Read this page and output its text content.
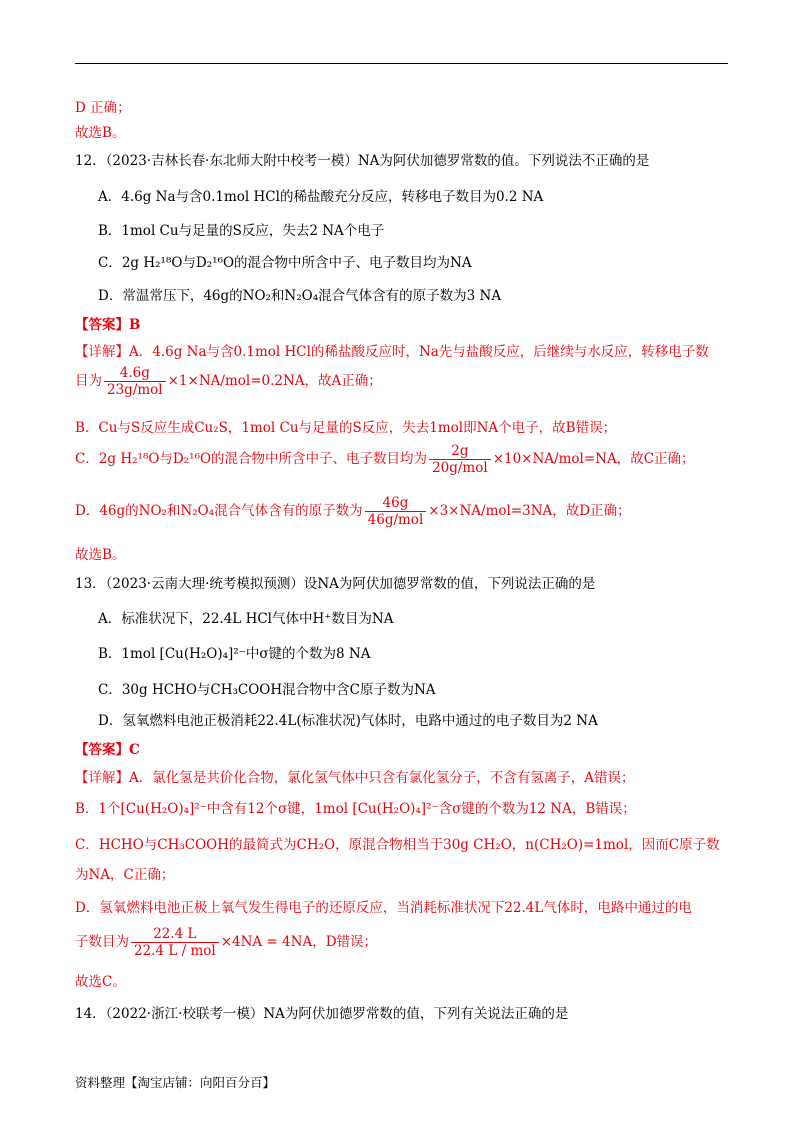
D 正确；
故选B。
12．（2023·吉林长春·东北师大附中校考一模）NA为阿伏加德罗常数的值。下列说法不正确的是
A．4.6g Na与含0.1mol HCl的稀盐酸充分反应，转移电子数目为0.2 NA
B．1mol Cu与足量的S反应，失去2 NA个电子
C．2g H₂¹⁸O与D₂¹⁶O的混合物中所含中子、电子数目均为NA
D．常温常压下，46g的NO₂和N₂O₄混合气体含有的原子数为3 NA
【答案】B
【详解】A．4.6g Na与含0.1mol HCl的稀盐酸反应时，Na先与盐酸反应，后继续与水反应，转移电子数
目为 $\frac{4.6g}{\text{23g/mol}} \times 1\times NA/mol=0.2NA$，故A正确；
B．Cu与S反应生成Cu₂S，1mol Cu与足量的S反应，失去1mol即NA个电子，故B错误；
C．2g H₂¹⁸O与D₂¹⁶O的混合物中所含中子、电子数目均为 $\frac{2g}{\text{20g/mol}} \times 10\times NA/mol=NA$，故C正确；
D．46g的NO₂和N₂O₄混合气体含有的原子数为 $\frac{46g}{\text{46g/mol}} \times 3\times NA/mol=3NA$，故D正确；
故选B。
13．（2023·云南大理·统考模拟预测）设NA为阿伏加德罗常数的值，下列说法正确的是
A．标准状况下，22.4L HCl气体中H⁺数目为NA
B．1mol [Cu(H₂O)₄]²⁻中σ键的个数为8 NA
C．30g HCHO与CH₃COOH混合物中含C原子数为NA
D．氢氧燃料电池正极消耗22.4L(标准状况)气体时，电路中通过的电子数目为2 NA
【答案】C
【详解】A．氯化氢是共价化合物，氯化氢气体中只含有氯化氢分子，不含有氢离子，A错误；
B．1个[Cu(H₂O)₄]²⁻中含有12个σ键，1mol [Cu(H₂O)₄]²⁻含σ键的个数为12 NA，B错误；
C．HCHO与CH₃COOH的最简式为CH₂O，原混合物相当于30g CH₂O，n(CH₂O)=1mol，因而C原子数
为NA，C正确；
D．氢氧燃料电池正极上氧气发生得电子的还原反应，当消耗标准状况下22.4L气体时，电路中通过的电
子数目为 $\frac{22.4 L}{\text{22.4 L / mol}} \times 4NA = 4NA$，D错误；
故选C。
14．（2022·浙江·校联考一模）NA为阿伏加德罗常数的值，下列有关说法正确的是
资料整理【淘宝店铺：向阳百分百】
